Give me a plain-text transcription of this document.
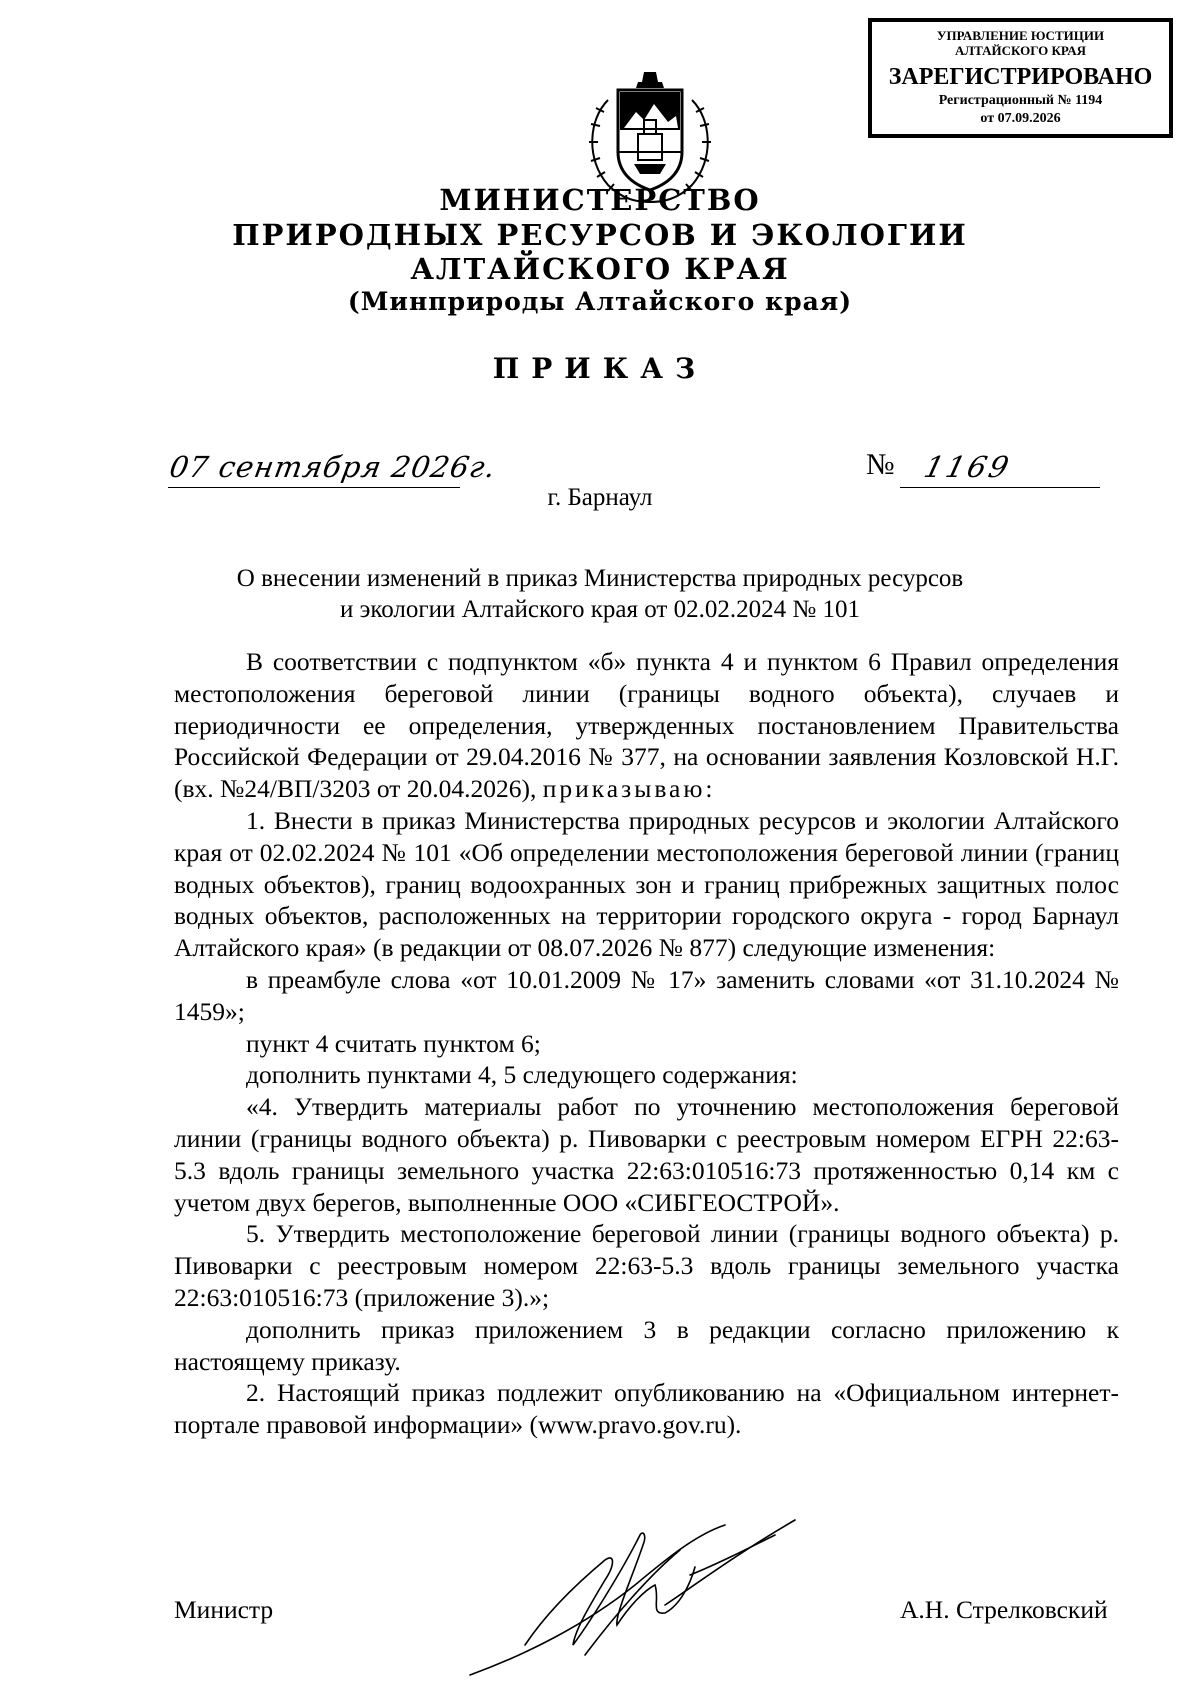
УПРАВЛЕНИЕ ЮСТИЦИИ
АЛТАЙСКОГО КРАЯ
ЗАРЕГИСТРИРОВАНО
Регистрационный № 1194
от 07.09.2026
МИНИСТЕРСТВО
ПРИРОДНЫХ РЕСУРСОВ И ЭКОЛОГИИ
АЛТАЙСКОГО КРАЯ
(Минприроды Алтайского края)
ПРИКАЗ
07 сентября 2026г.	№ 1169
г. Барнаул
О внесении изменений в приказ Министерства природных ресурсов
и экологии Алтайского края от 02.02.2024 № 101

В соответствии с подпунктом «б» пункта 4 и пунктом 6 Правил определения местоположения береговой линии (границы водного объекта), случаев и периодичности ее определения, утвержденных постановлением Правительства Российской Федерации от 29.04.2016 № 377, на основании заявления Козловской Н.Г. (вх. №24/ВП/3203 от 20.04.2026), приказываю:

1. Внести в приказ Министерства природных ресурсов и экологии Алтайского края от 02.02.2024 № 101 «Об определении местоположения береговой линии (границ водных объектов), границ водоохранных зон и границ прибрежных защитных полос водных объектов, расположенных на территории городского округа - город Барнаул Алтайского края» (в редакции от 08.07.2026 № 877) следующие изменения:

в преамбуле слова «от 10.01.2009 № 17» заменить словами «от 31.10.2024 № 1459»;

пункт 4 считать пунктом 6;

дополнить пунктами 4, 5 следующего содержания:

«4. Утвердить материалы работ по уточнению местоположения береговой линии (границы водного объекта) р. Пивоварки с реестровым номером ЕГРН 22:63-5.3 вдоль границы земельного участка 22:63:010516:73 протяженностью 0,14 км с учетом двух берегов, выполненные ООО «СИБГЕОСТРОЙ».

5. Утвердить местоположение береговой линии (границы водного объекта) р. Пивоварки с реестровым номером 22:63-5.3 вдоль границы земельного участка 22:63:010516:73 (приложение 3).»;

дополнить приказ приложением 3 в редакции согласно приложению к настоящему приказу.

2. Настоящий приказ подлежит опубликованию на «Официальном интернет-портале правовой информации» (www.pravo.gov.ru).

Министр	А.Н. Стрелковский
